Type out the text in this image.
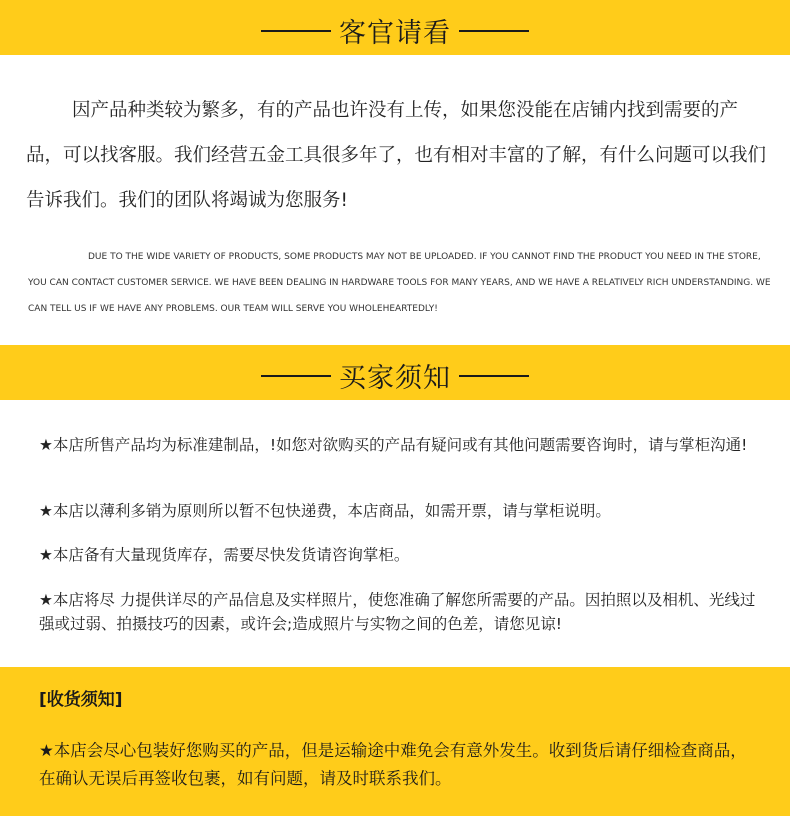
客官请看
因产品种类较为繁多，有的产品也许没有上传，如果您没能在店铺内找到需要的产品，可以找客服。我们经营五金工具很多年了，也有相对丰富的了解，有什么问题可以我们告诉我们。我们的团队将竭诚为您服务!
DUE TO THE WIDE VARIETY OF PRODUCTS, SOME PRODUCTS MAY NOT BE UPLOADED. IF YOU CANNOT FIND THE PRODUCT YOU NEED IN THE STORE, YOU CAN CONTACT CUSTOMER SERVICE. WE HAVE BEEN DEALING IN HARDWARE TOOLS FOR MANY YEARS, AND WE HAVE A RELATIVELY RICH UNDERSTANDING. WE CAN TELL US IF WE HAVE ANY PROBLEMS. OUR TEAM WILL SERVE YOU WHOLEHEARTEDLY!
买家须知
★本店所售产品均为标准建制品，!如您对欲购买的产品有疑问或有其他问题需要咨询时，请与掌柜沟通!
★本店以薄利多销为原则所以暂不包快递费，本店商品，如需开票，请与掌柜说明。
★本店备有大量现货库存，需要尽快发货请咨询掌柜。
★本店将尽 力提供详尽的产品信息及实样照片，使您准确了解您所需要的产品。因拍照以及相机、光线过强或过弱、拍摄技巧的因素，或许会;造成照片与实物之间的色差，请您见谅!
[收货须知]
★本店会尽心包装好您购买的产品，但是运输途中难免会有意外发生。收到货后请仔细检查商品，在确认无误后再签收包裹，如有问题，请及时联系我们。
